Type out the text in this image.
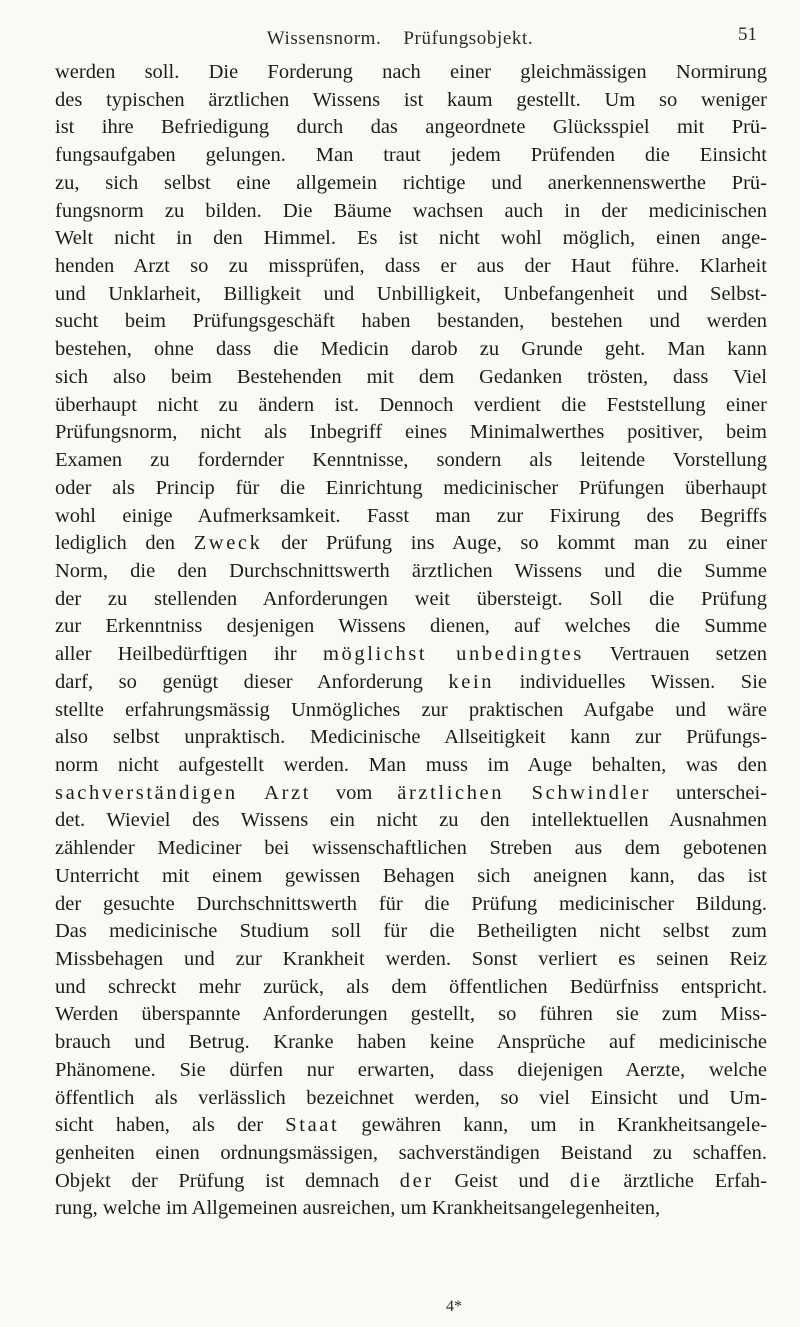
Wissensnorm. Prüfungsobjekt.	51
werden soll. Die Forderung nach einer gleichmässigen Normirung
des typischen ärztlichen Wissens ist kaum gestellt. Um so weniger
ist ihre Befriedigung durch das angeordnete Glücksspiel mit Prü-
fungsaufgaben gelungen. Man traut jedem Prüfenden die Einsicht
zu, sich selbst eine allgemein richtige und anerkennenswerthe Prü-
fungsnorm zu bilden. Die Bäume wachsen auch in der medicinischen
Welt nicht in den Himmel. Es ist nicht wohl möglich, einen ange-
henden Arzt so zu missprüfen, dass er aus der Haut führe. Klarheit
und Unklarheit, Billigkeit und Unbilligkeit, Unbefangenheit und Selbst-
sucht beim Prüfungsgeschäft haben bestanden, bestehen und werden
bestehen, ohne dass die Medicin darob zu Grunde geht. Man kann
sich also beim Bestehenden mit dem Gedanken trösten, dass Viel
überhaupt nicht zu ändern ist. Dennoch verdient die Feststellung einer
Prüfungsnorm, nicht als Inbegriff eines Minimalwerthes positiver, beim
Examen zu fordernder Kenntnisse, sondern als leitende Vorstellung
oder als Princip für die Einrichtung medicinischer Prüfungen überhaupt
wohl einige Aufmerksamkeit. Fasst man zur Fixirung des Begriffs
lediglich den Zweck der Prüfung ins Auge, so kommt man zu einer
Norm, die den Durchschnittswerth ärztlichen Wissens und die Summe
der zu stellenden Anforderungen weit übersteigt. Soll die Prüfung
zur Erkenntniss desjenigen Wissens dienen, auf welches die Summe
aller Heilbedürftigen ihr möglichst unbedingtes Vertrauen setzen
darf, so genügt dieser Anforderung kein individuelles Wissen. Sie
stellte erfahrungsmässig Unmögliches zur praktischen Aufgabe und wäre
also selbst unpraktisch. Medicinische Allseitigkeit kann zur Prüfungs-
norm nicht aufgestellt werden. Man muss im Auge behalten, was den
sachverständigen Arzt vom ärztlichen Schwindler unterschei-
det. Wieviel des Wissens ein nicht zu den intellektuellen Ausnahmen
zählender Mediciner bei wissenschaftlichen Streben aus dem gebotenen
Unterricht mit einem gewissen Behagen sich aneignen kann, das ist
der gesuchte Durchschnittswerth für die Prüfung medicinischer Bildung.
Das medicinische Studium soll für die Betheiligten nicht selbst zum
Missbehagen und zur Krankheit werden. Sonst verliert es seinen Reiz
und schreckt mehr zurück, als dem öffentlichen Bedürfniss entspricht.
Werden überspannte Anforderungen gestellt, so führen sie zum Miss-
brauch und Betrug. Kranke haben keine Ansprüche auf medicinische
Phänomene. Sie dürfen nur erwarten, dass diejenigen Aerzte, welche
öffentlich als verlässlich bezeichnet werden, so viel Einsicht und Um-
sicht haben, als der Staat gewähren kann, um in Krankheitsangele-
genheiten einen ordnungsmässigen, sachverständigen Beistand zu schaffen.
Objekt der Prüfung ist demnach der Geist und die ärztliche Erfah-
rung, welche im Allgemeinen ausreichen, um Krankheitsangelegenheiten,
4*
